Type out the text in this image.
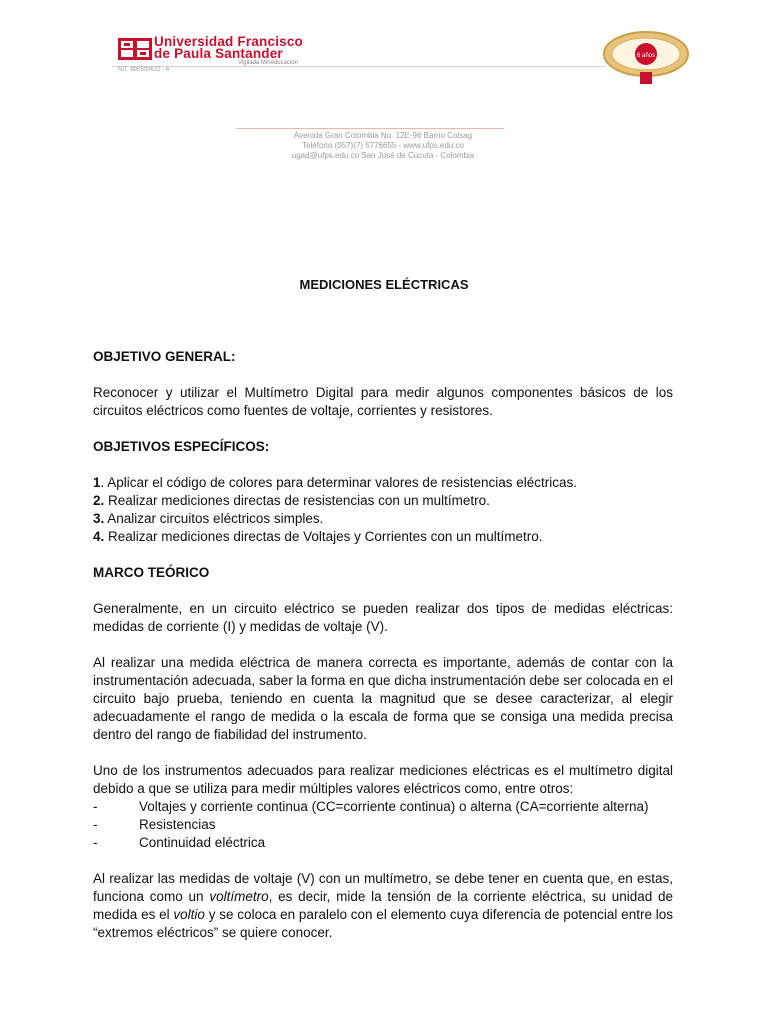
Universidad Francisco
de Paula Santander
Vigilada Mineducación
NIT. 890500622 - 6
6 años
Avenida Gran Colombia No. 12E-96 Barrio Colsag
Teléfono (057)(7) 5776655 - www.ufps.edu.co
ugad@ufps.edu.co San José de Cúcuta - Colombia
MEDICIONES ELÉCTRICAS

OBJETIVO GENERAL:

Reconocer y utilizar el Multímetro Digital para medir algunos componentes básicos de los circuitos eléctricos como fuentes de voltaje, corrientes y resistores.

OBJETIVOS ESPECÍFICOS:

1. Aplicar el código de colores para determinar valores de resistencias eléctricas.

2. Realizar mediciones directas de resistencias con un multímetro.

3. Analizar circuitos eléctricos simples.

4. Realizar mediciones directas de Voltajes y Corrientes con un multímetro.

MARCO TEÓRICO

Generalmente, en un circuito eléctrico se pueden realizar dos tipos de medidas eléctricas: medidas de corriente (I) y medidas de voltaje (V).

Al realizar una medida eléctrica de manera correcta es importante, además de contar con la instrumentación adecuada, saber la forma en que dicha instrumentación debe ser colocada en el circuito bajo prueba, teniendo en cuenta la magnitud que se desee caracterizar, al elegir adecuadamente el rango de medida o la escala de forma que se consiga una medida precisa dentro del rango de fiabilidad del instrumento.

Uno de los instrumentos adecuados para realizar mediciones eléctricas es el multímetro digital debido a que se utiliza para medir múltiples valores eléctricos como, entre otros:

-	Voltajes y corriente continua (CC=corriente continua) o alterna (CA=corriente alterna)
-	Resistencias
-	Continuidad eléctrica

Al realizar las medidas de voltaje (V) con un multímetro, se debe tener en cuenta que, en estas, funciona como un voltímetro, es decir, mide la tensión de la corriente eléctrica, su unidad de medida es el voltio y se coloca en paralelo con el elemento cuya diferencia de potencial entre los “extremos eléctricos” se quiere conocer.
